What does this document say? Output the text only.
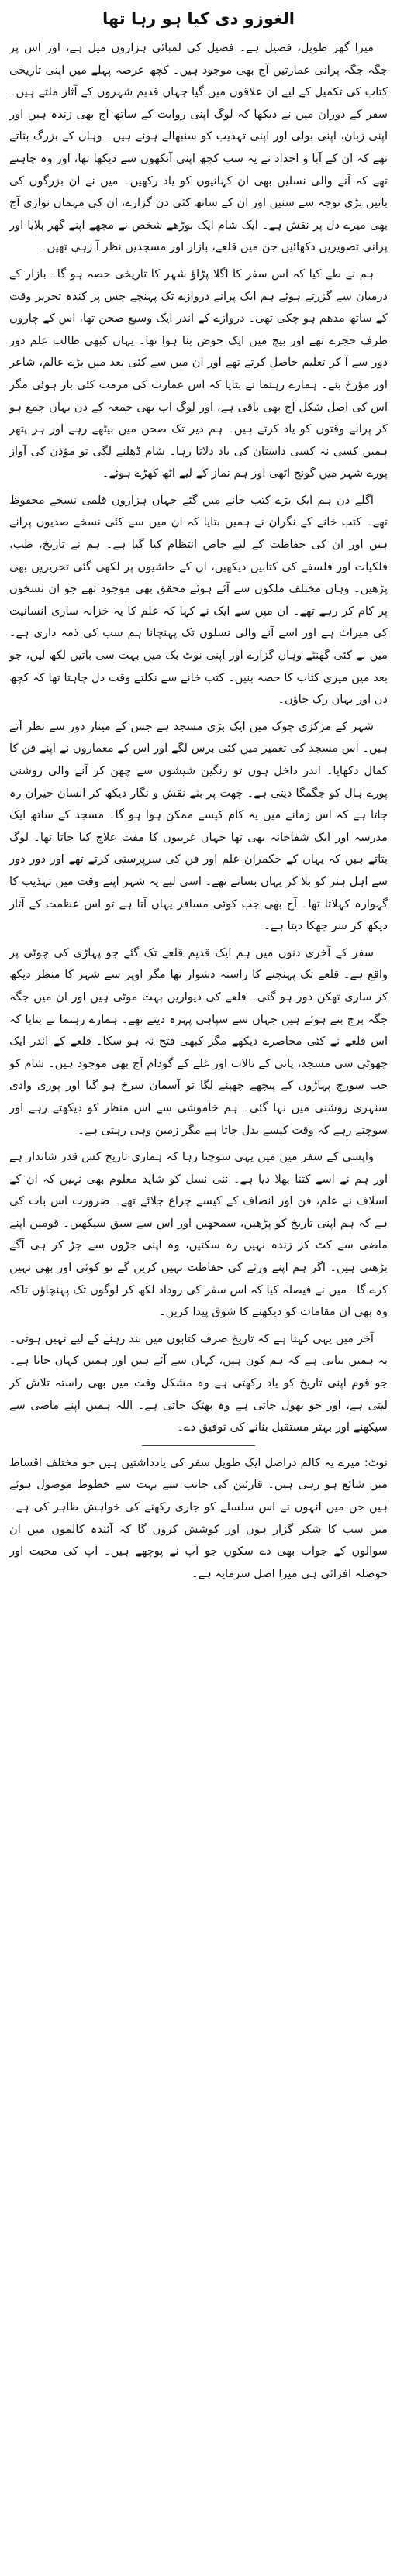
الغوزو دی کیا ہو رہا تھا

میرا گھر طویل، فصیل ہے۔ فصیل کی لمبائی ہزاروں میل ہے، اور اس پر جگہ جگہ پرانی عمارتیں آج بھی موجود ہیں۔ کچھ عرصہ پہلے میں اپنی تاریخی کتاب کی تکمیل کے لیے ان علاقوں میں گیا جہاں قدیم شہروں کے آثار ملتے ہیں۔ سفر کے دوران میں نے دیکھا کہ لوگ اپنی روایت کے ساتھ آج بھی زندہ ہیں اور اپنی زبان، اپنی بولی اور اپنی تہذیب کو سنبھالے ہوئے ہیں۔ وہاں کے بزرگ بتاتے تھے کہ ان کے آبا و اجداد نے یہ سب کچھ اپنی آنکھوں سے دیکھا تھا، اور وہ چاہتے تھے کہ آنے والی نسلیں بھی ان کہانیوں کو یاد رکھیں۔ میں نے ان بزرگوں کی باتیں بڑی توجہ سے سنیں اور ان کے ساتھ کئی دن گزارے، ان کی مہمان نوازی آج بھی میرے دل پر نقش ہے۔ ایک شام ایک بوڑھے شخص نے مجھے اپنے گھر بلایا اور پرانی تصویریں دکھائیں جن میں قلعے، بازار اور مسجدیں نظر آ رہی تھیں۔

ہم نے طے کیا کہ اس سفر کا اگلا پڑاؤ شہر کا تاریخی حصہ ہو گا۔ بازار کے درمیان سے گزرتے ہوئے ہم ایک پرانے دروازے تک پہنچے جس پر کندہ تحریر وقت کے ساتھ مدھم ہو چکی تھی۔ دروازے کے اندر ایک وسیع صحن تھا، اس کے چاروں طرف حجرے تھے اور بیچ میں ایک حوض بنا ہوا تھا۔ یہاں کبھی طالب علم دور دور سے آ کر تعلیم حاصل کرتے تھے اور ان میں سے کئی بعد میں بڑے عالم، شاعر اور مؤرخ بنے۔ ہمارے رہنما نے بتایا کہ اس عمارت کی مرمت کئی بار ہوئی مگر اس کی اصل شکل آج بھی باقی ہے، اور لوگ اب بھی جمعہ کے دن یہاں جمع ہو کر پرانے وقتوں کو یاد کرتے ہیں۔ ہم دیر تک صحن میں بیٹھے رہے اور ہر پتھر ہمیں کسی نہ کسی داستان کی یاد دلاتا رہا۔ شام ڈھلنے لگی تو مؤذن کی آواز پورے شہر میں گونج اٹھی اور ہم نماز کے لیے اٹھ کھڑے ہوئے۔

اگلے دن ہم ایک بڑے کتب خانے میں گئے جہاں ہزاروں قلمی نسخے محفوظ تھے۔ کتب خانے کے نگران نے ہمیں بتایا کہ ان میں سے کئی نسخے صدیوں پرانے ہیں اور ان کی حفاظت کے لیے خاص انتظام کیا گیا ہے۔ ہم نے تاریخ، طب، فلکیات اور فلسفے کی کتابیں دیکھیں، ان کے حاشیوں پر لکھی گئی تحریریں بھی پڑھیں۔ وہاں مختلف ملکوں سے آئے ہوئے محقق بھی موجود تھے جو ان نسخوں پر کام کر رہے تھے۔ ان میں سے ایک نے کہا کہ علم کا یہ خزانہ ساری انسانیت کی میراث ہے اور اسے آنے والی نسلوں تک پہنچانا ہم سب کی ذمہ داری ہے۔ میں نے کئی گھنٹے وہاں گزارے اور اپنی نوٹ بک میں بہت سی باتیں لکھ لیں، جو بعد میں میری کتاب کا حصہ بنیں۔ کتب خانے سے نکلتے وقت دل چاہتا تھا کہ کچھ دن اور یہاں رک جاؤں۔

شہر کے مرکزی چوک میں ایک بڑی مسجد ہے جس کے مینار دور سے نظر آتے ہیں۔ اس مسجد کی تعمیر میں کئی برس لگے اور اس کے معماروں نے اپنے فن کا کمال دکھایا۔ اندر داخل ہوں تو رنگین شیشوں سے چھن کر آنے والی روشنی پورے ہال کو جگمگا دیتی ہے۔ چھت پر بنے نقش و نگار دیکھ کر انسان حیران رہ جاتا ہے کہ اس زمانے میں یہ کام کیسے ممکن ہوا ہو گا۔ مسجد کے ساتھ ایک مدرسہ اور ایک شفاخانہ بھی تھا جہاں غریبوں کا مفت علاج کیا جاتا تھا۔ لوگ بتاتے ہیں کہ یہاں کے حکمران علم اور فن کی سرپرستی کرتے تھے اور دور دور سے اہل ہنر کو بلا کر یہاں بساتے تھے۔ اسی لیے یہ شہر اپنے وقت میں تہذیب کا گہوارہ کہلاتا تھا۔ آج بھی جب کوئی مسافر یہاں آتا ہے تو اس عظمت کے آثار دیکھ کر سر جھکا دیتا ہے۔

سفر کے آخری دنوں میں ہم ایک قدیم قلعے تک گئے جو پہاڑی کی چوٹی پر واقع ہے۔ قلعے تک پہنچنے کا راستہ دشوار تھا مگر اوپر سے شہر کا منظر دیکھ کر ساری تھکن دور ہو گئی۔ قلعے کی دیواریں بہت موٹی ہیں اور ان میں جگہ جگہ برج بنے ہوئے ہیں جہاں سے سپاہی پہرہ دیتے تھے۔ ہمارے رہنما نے بتایا کہ اس قلعے نے کئی محاصرے دیکھے مگر کبھی فتح نہ ہو سکا۔ قلعے کے اندر ایک چھوٹی سی مسجد، پانی کے تالاب اور غلے کے گودام آج بھی موجود ہیں۔ شام کو جب سورج پہاڑوں کے پیچھے چھپنے لگا تو آسمان سرخ ہو گیا اور پوری وادی سنہری روشنی میں نہا گئی۔ ہم خاموشی سے اس منظر کو دیکھتے رہے اور سوچتے رہے کہ وقت کیسے بدل جاتا ہے مگر زمین وہی رہتی ہے۔

واپسی کے سفر میں میں یہی سوچتا رہا کہ ہماری تاریخ کس قدر شاندار ہے اور ہم نے اسے کتنا بھلا دیا ہے۔ نئی نسل کو شاید معلوم بھی نہیں کہ ان کے اسلاف نے علم، فن اور انصاف کے کیسے چراغ جلائے تھے۔ ضرورت اس بات کی ہے کہ ہم اپنی تاریخ کو پڑھیں، سمجھیں اور اس سے سبق سیکھیں۔ قومیں اپنے ماضی سے کٹ کر زندہ نہیں رہ سکتیں، وہ اپنی جڑوں سے جڑ کر ہی آگے بڑھتی ہیں۔ اگر ہم اپنے ورثے کی حفاظت نہیں کریں گے تو کوئی اور بھی نہیں کرے گا۔ میں نے فیصلہ کیا کہ اس سفر کی روداد لکھ کر لوگوں تک پہنچاؤں تاکہ وہ بھی ان مقامات کو دیکھنے کا شوق پیدا کریں۔

آخر میں یہی کہنا ہے کہ تاریخ صرف کتابوں میں بند رہنے کے لیے نہیں ہوتی۔ یہ ہمیں بتاتی ہے کہ ہم کون ہیں، کہاں سے آئے ہیں اور ہمیں کہاں جانا ہے۔ جو قوم اپنی تاریخ کو یاد رکھتی ہے وہ مشکل وقت میں بھی راستہ تلاش کر لیتی ہے، اور جو بھول جاتی ہے وہ بھٹک جاتی ہے۔ اللہ ہمیں اپنے ماضی سے سیکھنے اور بہتر مستقبل بنانے کی توفیق دے۔

نوٹ: میرے یہ کالم دراصل ایک طویل سفر کی یادداشتیں ہیں جو مختلف اقساط میں شائع ہو رہی ہیں۔ قارئین کی جانب سے بہت سے خطوط موصول ہوئے ہیں جن میں انہوں نے اس سلسلے کو جاری رکھنے کی خواہش ظاہر کی ہے۔ میں سب کا شکر گزار ہوں اور کوشش کروں گا کہ آئندہ کالموں میں ان سوالوں کے جواب بھی دے سکوں جو آپ نے پوچھے ہیں۔ آپ کی محبت اور حوصلہ افزائی ہی میرا اصل سرمایہ ہے۔
